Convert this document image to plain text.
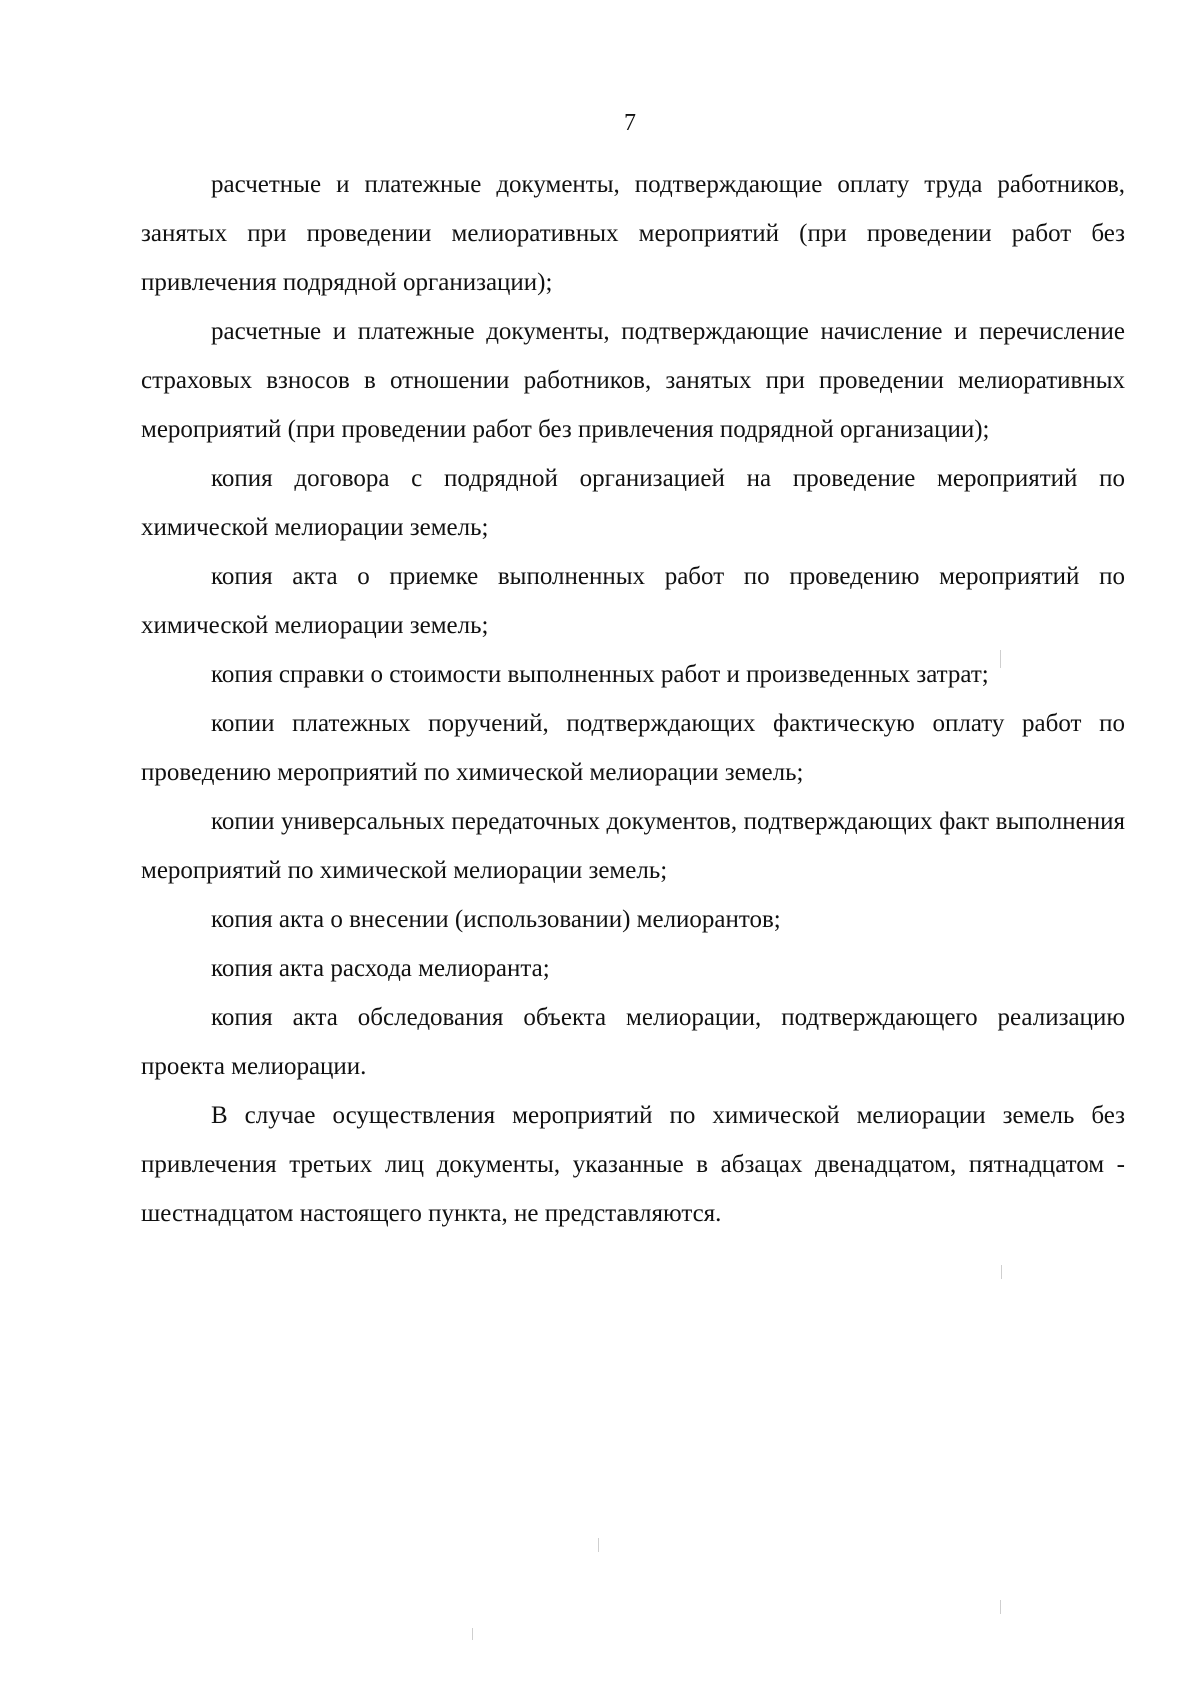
7

расчетные и платежные документы, подтверждающие оплату труда работников, занятых при проведении мелиоративных мероприятий (при проведении работ без привлечения подрядной организации);

расчетные и платежные документы, подтверждающие начисление и перечисление страховых взносов в отношении работников, занятых при проведении мелиоративных мероприятий (при проведении работ без привлечения подрядной организации);

копия договора с подрядной организацией на проведение мероприятий по химической мелиорации земель;

копия акта о приемке выполненных работ по проведению мероприятий по химической мелиорации земель;

копия справки о стоимости выполненных работ и произведенных затрат;

копии платежных поручений, подтверждающих фактическую оплату работ по проведению мероприятий по химической мелиорации земель;

копии универсальных передаточных документов, подтверждающих факт выполнения мероприятий по химической мелиорации земель;

копия акта о внесении (использовании) мелиорантов;

копия акта расхода мелиоранта;

копия акта обследования объекта мелиорации, подтверждающего реализацию проекта мелиорации.

В случае осуществления мероприятий по химической мелиорации земель без привлечения третьих лиц документы, указанные в абзацах двенадцатом, пятнадцатом - шестнадцатом настоящего пункта, не представляются.
